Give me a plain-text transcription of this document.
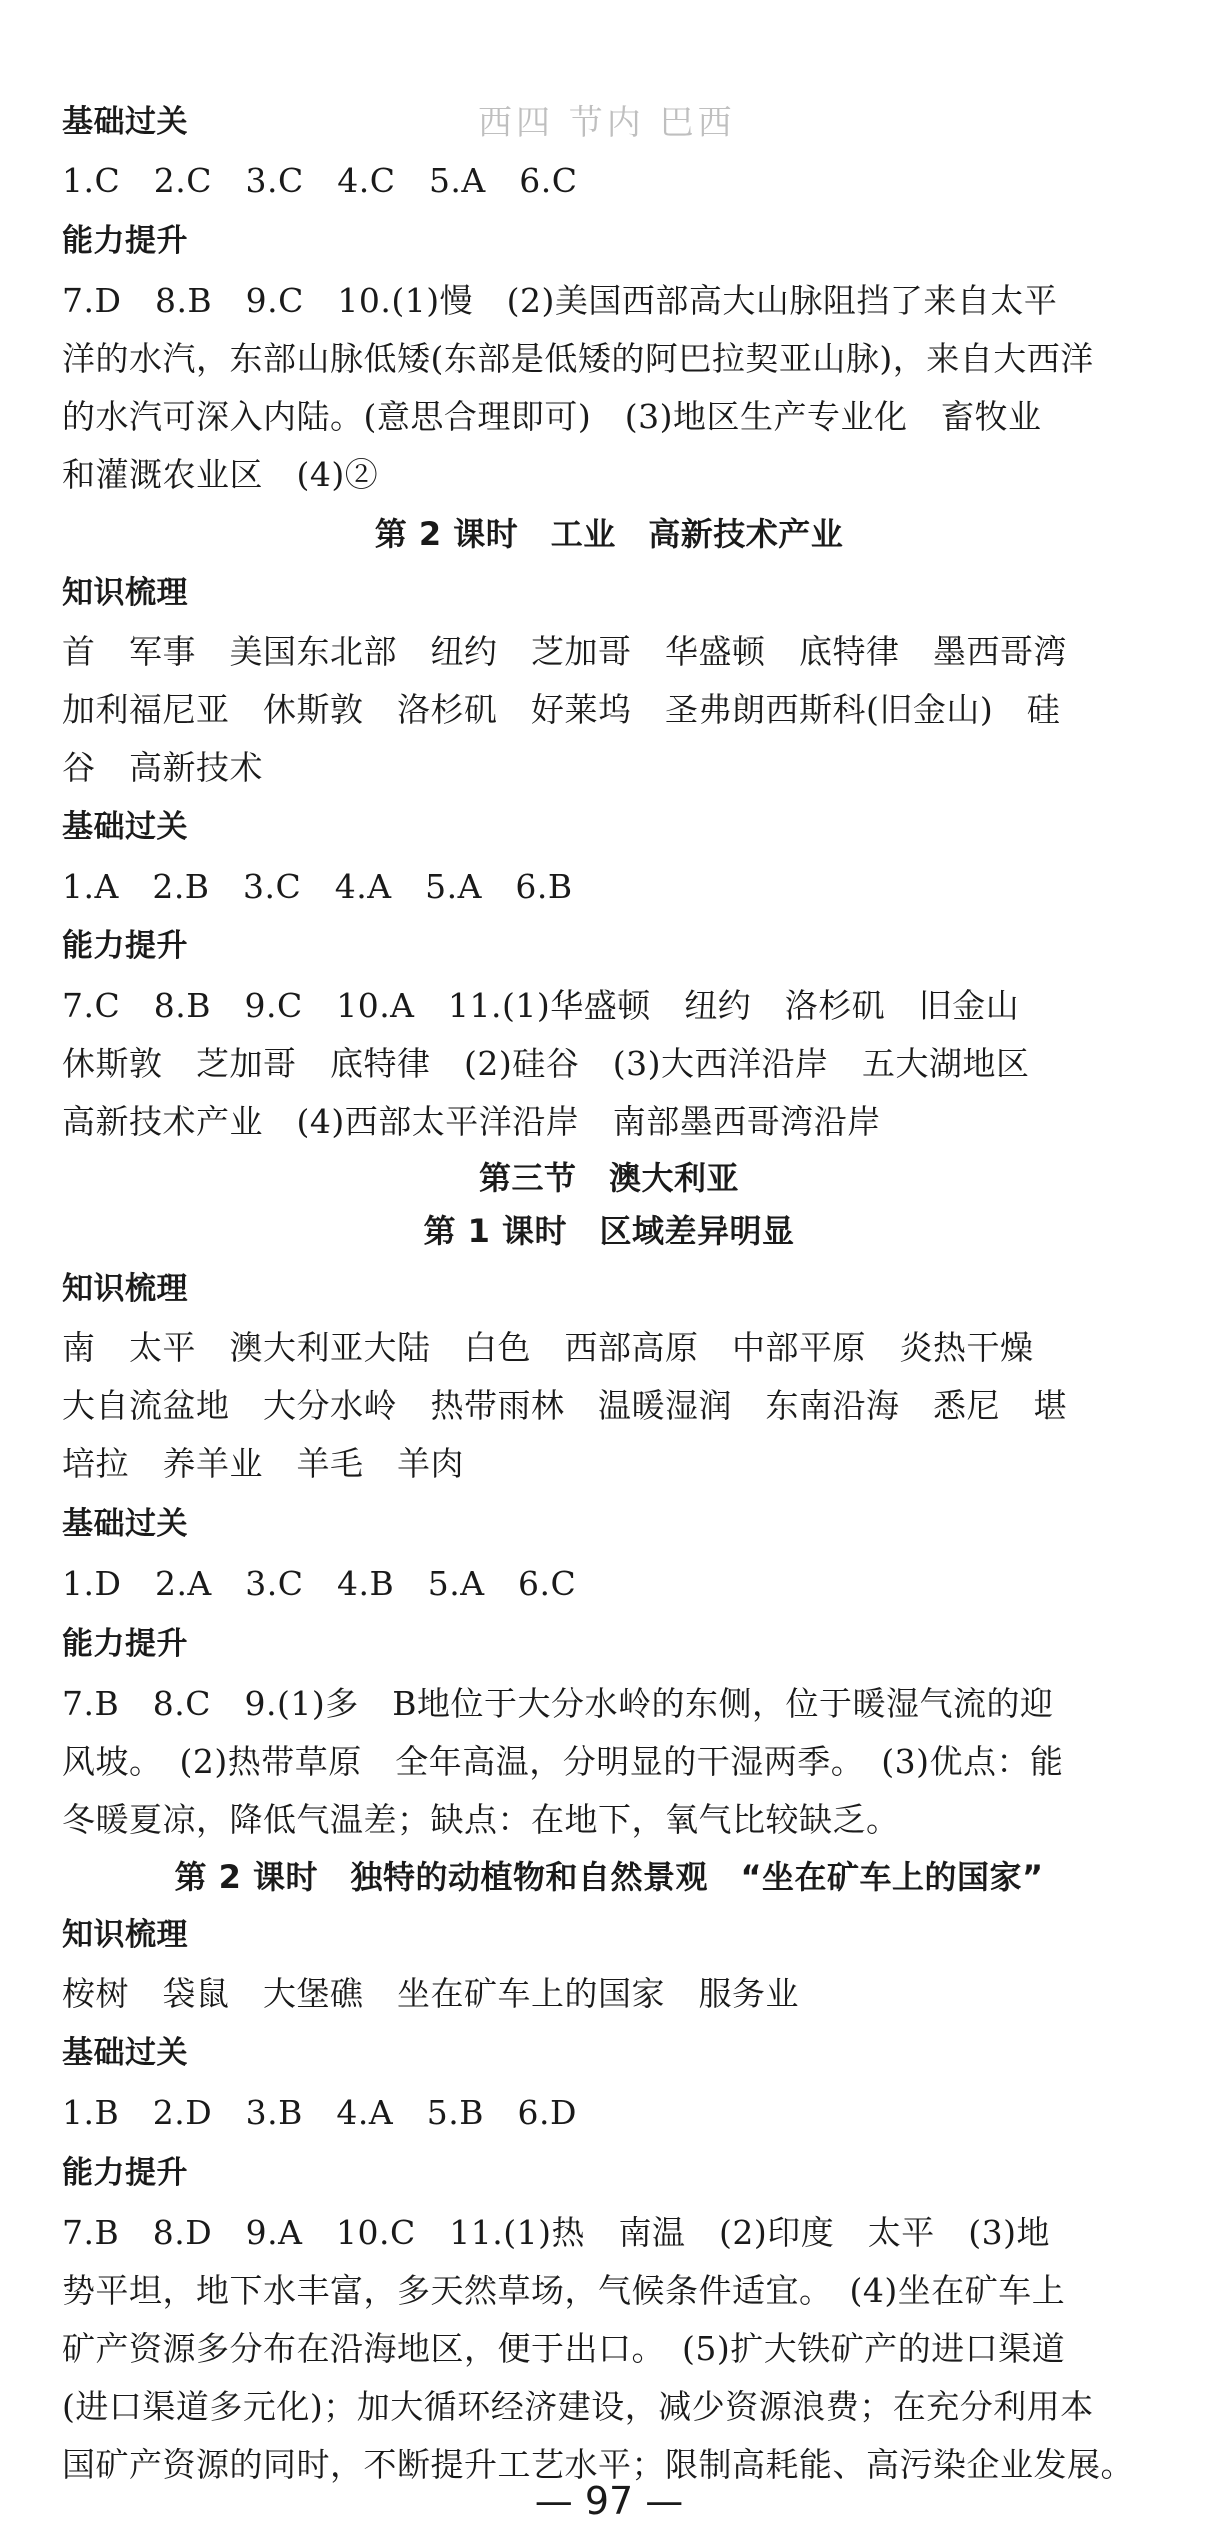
西四 节内 巴西
基础过关
1.C　2.C　3.C　4.C　5.A　6.C
能力提升
7.D　8.B　9.C　10.(1)慢　(2)美国西部高大山脉阻挡了来自太平
洋的水汽，东部山脉低矮(东部是低矮的阿巴拉契亚山脉)，来自大西洋
的水汽可深入内陆。(意思合理即可)　(3)地区生产专业化　畜牧业
和灌溉农业区　(4)②
第 2 课时　工业　高新技术产业
知识梳理
首　军事　美国东北部　纽约　芝加哥　华盛顿　底特律　墨西哥湾
加利福尼亚　休斯敦　洛杉矶　好莱坞　圣弗朗西斯科(旧金山)　硅
谷　高新技术
基础过关
1.A　2.B　3.C　4.A　5.A　6.B
能力提升
7.C　8.B　9.C　10.A　11.(1)华盛顿　纽约　洛杉矶　旧金山
休斯敦　芝加哥　底特律　(2)硅谷　(3)大西洋沿岸　五大湖地区
高新技术产业　(4)西部太平洋沿岸　南部墨西哥湾沿岸
第三节　澳大利亚
第 1 课时　区域差异明显
知识梳理
南　太平　澳大利亚大陆　白色　西部高原　中部平原　炎热干燥
大自流盆地　大分水岭　热带雨林　温暖湿润　东南沿海　悉尼　堪
培拉　养羊业　羊毛　羊肉
基础过关
1.D　2.A　3.C　4.B　5.A　6.C
能力提升
7.B　8.C　9.(1)多　B地位于大分水岭的东侧，位于暖湿气流的迎
风坡。　(2)热带草原　全年高温，分明显的干湿两季。　(3)优点：能
冬暖夏凉，降低气温差；缺点：在地下，氧气比较缺乏。
第 2 课时　独特的动植物和自然景观　“坐在矿车上的国家”
知识梳理
桉树　袋鼠　大堡礁　坐在矿车上的国家　服务业
基础过关
1.B　2.D　3.B　4.A　5.B　6.D
能力提升
7.B　8.D　9.A　10.C　11.(1)热　南温　(2)印度　太平　(3)地
势平坦，地下水丰富，多天然草场，气候条件适宜。　(4)坐在矿车上
矿产资源多分布在沿海地区，便于出口。　(5)扩大铁矿产的进口渠道
(进口渠道多元化)；加大循环经济建设，减少资源浪费；在充分利用本
国矿产资源的同时，不断提升工艺水平；限制高耗能、高污染企业发展。
— 97 —
